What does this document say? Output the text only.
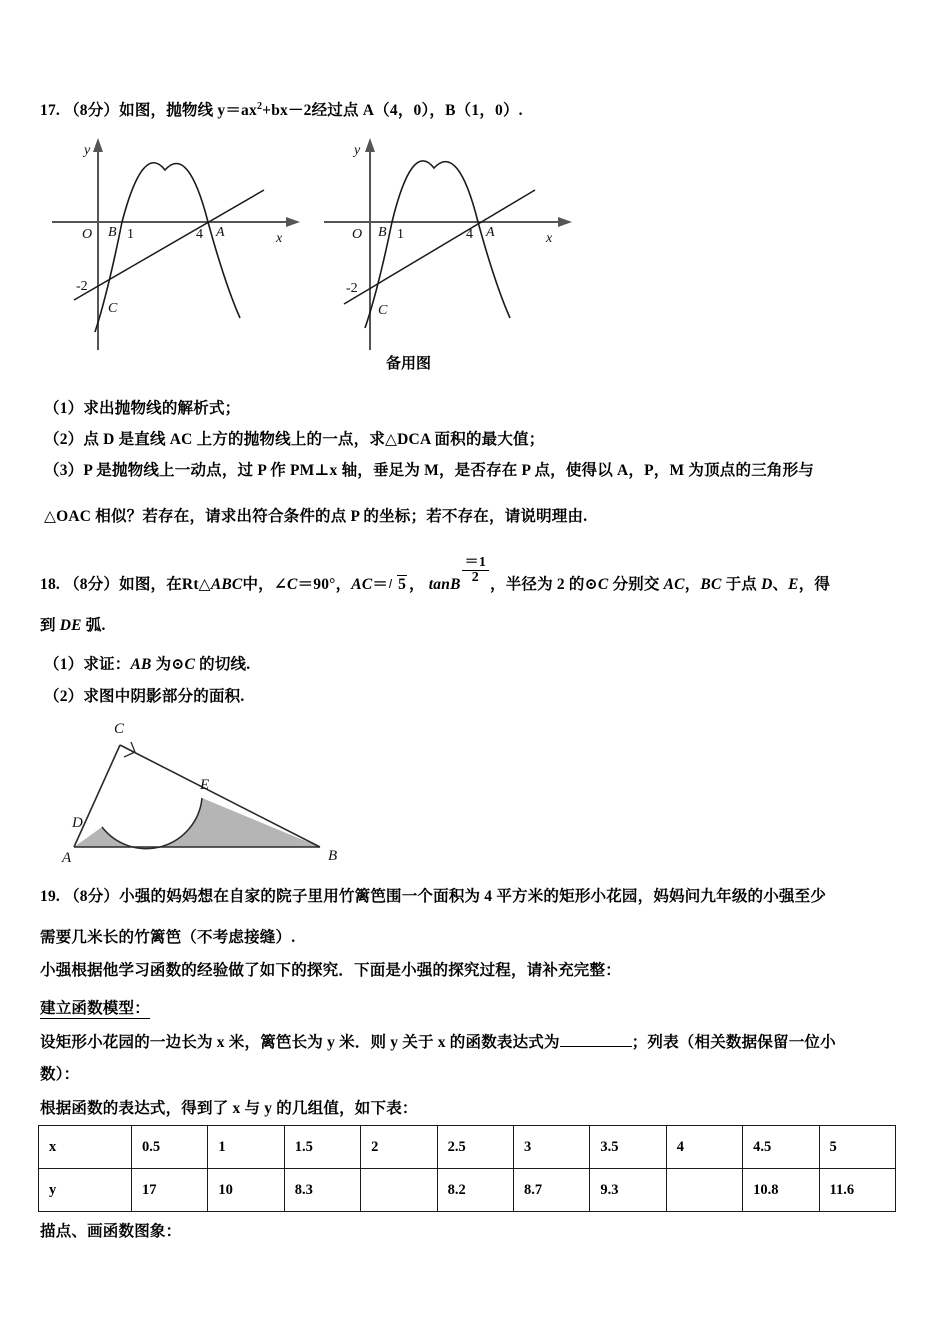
17. （8分）如图，抛物线 $y=ax^2+bx-2$经过点 A（4，0），B（1，0）.
O B 1	4 A
C
-2
x
y
O B 1	4 A
C
-2
x
y
备用图
（1）求出抛物线的解析式；
（2）点 D 是直线 AC 上方的抛物线上的一点，求△DCA 面积的最大值；
（3）P 是抛物线上一动点，过 P 作 PM⊥x 轴，垂足为 M，是否存在 P 点，使得以 A，P，M 为顶点的三角形与
△OAC 相似？若存在，请求出符合条件的点 P 的坐标；若不存在，请说明理由.
18. （8分）如图，在Rt△ABC中，∠C＝90°，AC＝ 5 ， tanB $\frac{=1}{2}$ ，半径为 2 的⊙C 分别交 AC，BC 于点 D、E，得
到 DE 弧.
（1）求证：AB 为⊙C 的切线.
（2）求图中阴影部分的面积.
A	B
C
D
E
19. （8分）小强的妈妈想在自家的院子里用竹篱笆围一个面积为 4 平方米的矩形小花园，妈妈问九年级的小强至少
需要几米长的竹篱笆（不考虑接缝）.
小强根据他学习函数的经验做了如下的探究．下面是小强的探究过程，请补充完整：
建立函数模型：
设矩形小花园的一边长为 x 米，篱笆长为 y 米．则 y 关于 x 的函数表达式为	；列表（相关数据保留一位小
数）：
根据函数的表达式，得到了 x 与 y 的几组值，如下表：
x	0.5	1	1.5	2	2.5	3	3.5	4	4.5	5
y	17	10	8.3		8.2	8.7	9.3		10.8	11.6
描点、画函数图象：
